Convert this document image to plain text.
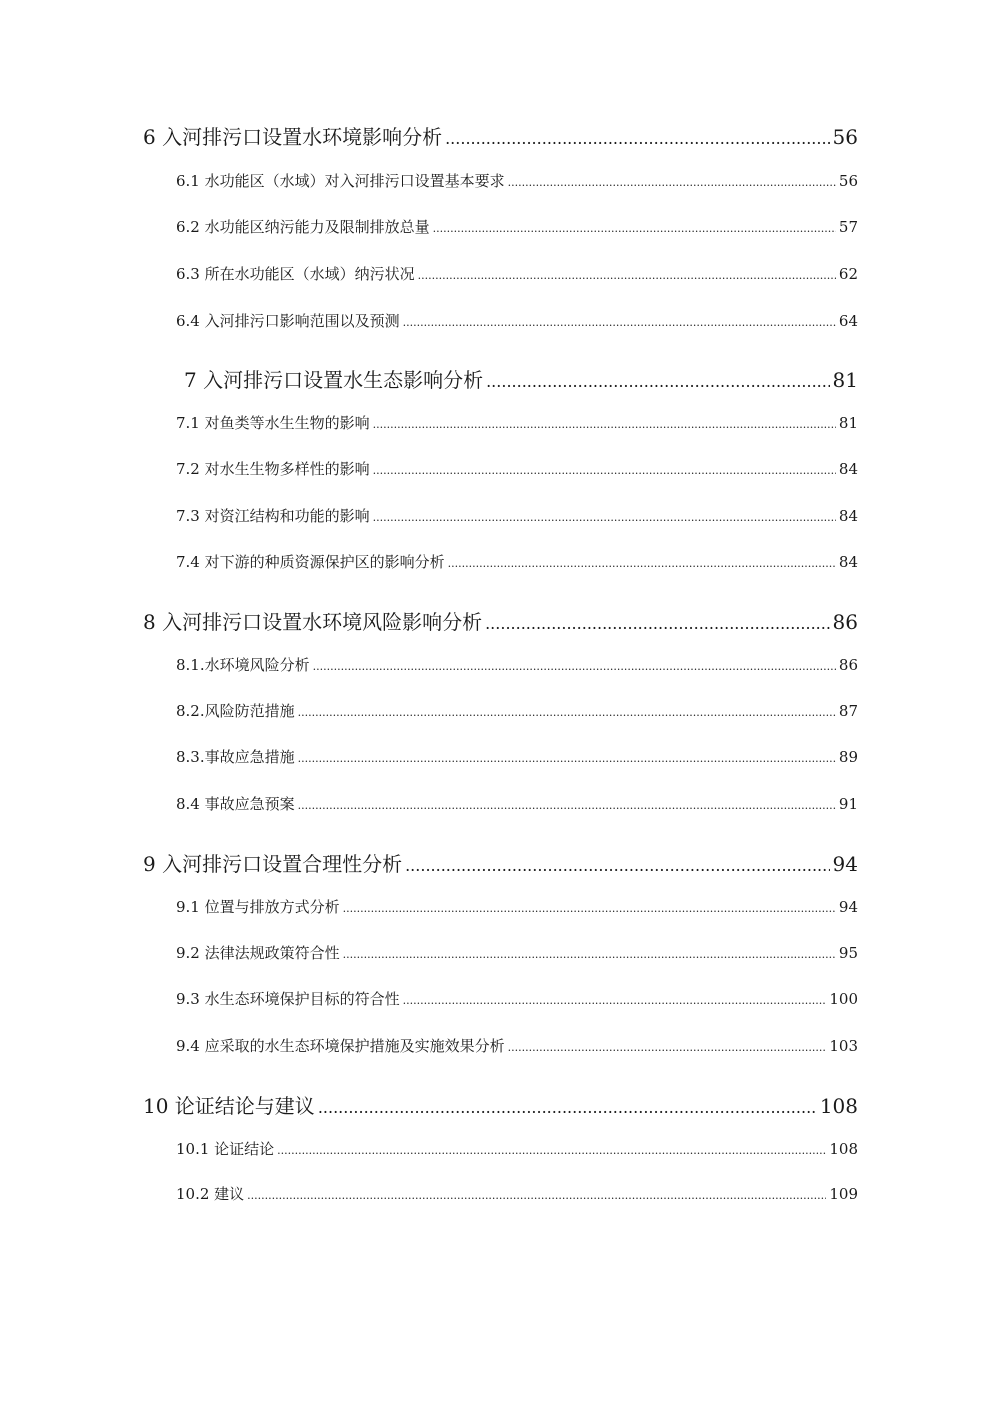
6 入河排污口设置水环境影响分析 .....	56
6.1 水功能区（水域）对入河排污口设置基本要求 .....	56
6.2 水功能区纳污能力及限制排放总量 .....	57
6.3 所在水功能区（水域）纳污状况 .....	62
6.4 入河排污口影响范围以及预测 .....	64
7 入河排污口设置水生态影响分析 .....	81
7.1 对鱼类等水生生物的影响 .....	81
7.2 对水生生物多样性的影响 .....	84
7.3 对资江结构和功能的影响 .....	84
7.4 对下游的种质资源保护区的影响分析 .....	84
8 入河排污口设置水环境风险影响分析 .....	86
8.1.水环境风险分析 .....	86
8.2.风险防范措施 .....	87
8.3.事故应急措施 .....	89
8.4 事故应急预案 .....	91
9 入河排污口设置合理性分析 .....	94
9.1 位置与排放方式分析 .....	94
9.2 法律法规政策符合性 .....	95
9.3 水生态环境保护目标的符合性 .....	100
9.4 应采取的水生态环境保护措施及实施效果分析 .....	103
10 论证结论与建议 .....	108
10.1 论证结论 .....	108
10.2 建议 .....	109
